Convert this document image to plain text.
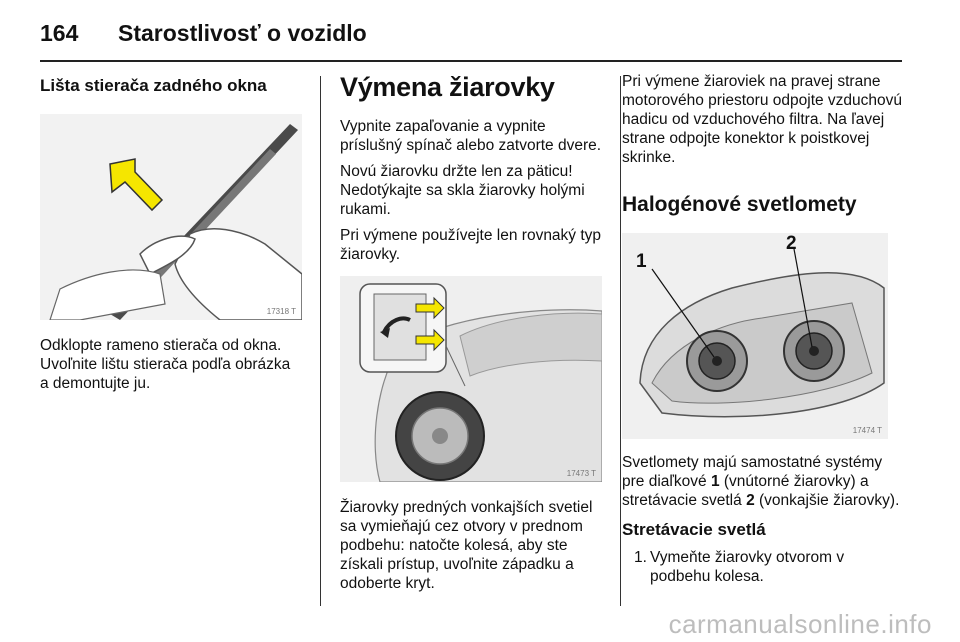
164 Starostlivosť o vozidlo
Lišta stierača zadného okna
17318 T

Odklopte rameno stierača od okna. Uvoľnite lištu stierača podľa obrázka a demontujte ju.

Výmena žiarovky

Vypnite zapaľovanie a vypnite príslušný spínač alebo zatvorte dvere.

Novú žiarovku držte len za päticu! Nedotýkajte sa skla žiarovky holými rukami.

Pri výmene používejte len rovnaký typ žiarovky.

17473 T

Žiarovky predných vonkajších svetiel sa vymieňajú cez otvory v prednom podbehu: natočte kolesá, aby ste získali prístup, uvoľnite západku a odoberte kryt.

Pri výmene žiaroviek na pravej strane motorového priestoru odpojte vzduchovú hadicu od vzduchového filtra. Na ľavej strane odpojte konektor k poistkovej skrinke.

Halogénové svetlomety
1
2
17474 T

Svetlomety majú samostatné systémy pre diaľkové 1 (vnútorné žiarovky) a stretávacie svetlá 2 (vonkajšie žiarovky).

Stretávacie svetlá
1. Vymeňte žiarovky otvorom v podbehu kolesa.
carmanualsonline.info
